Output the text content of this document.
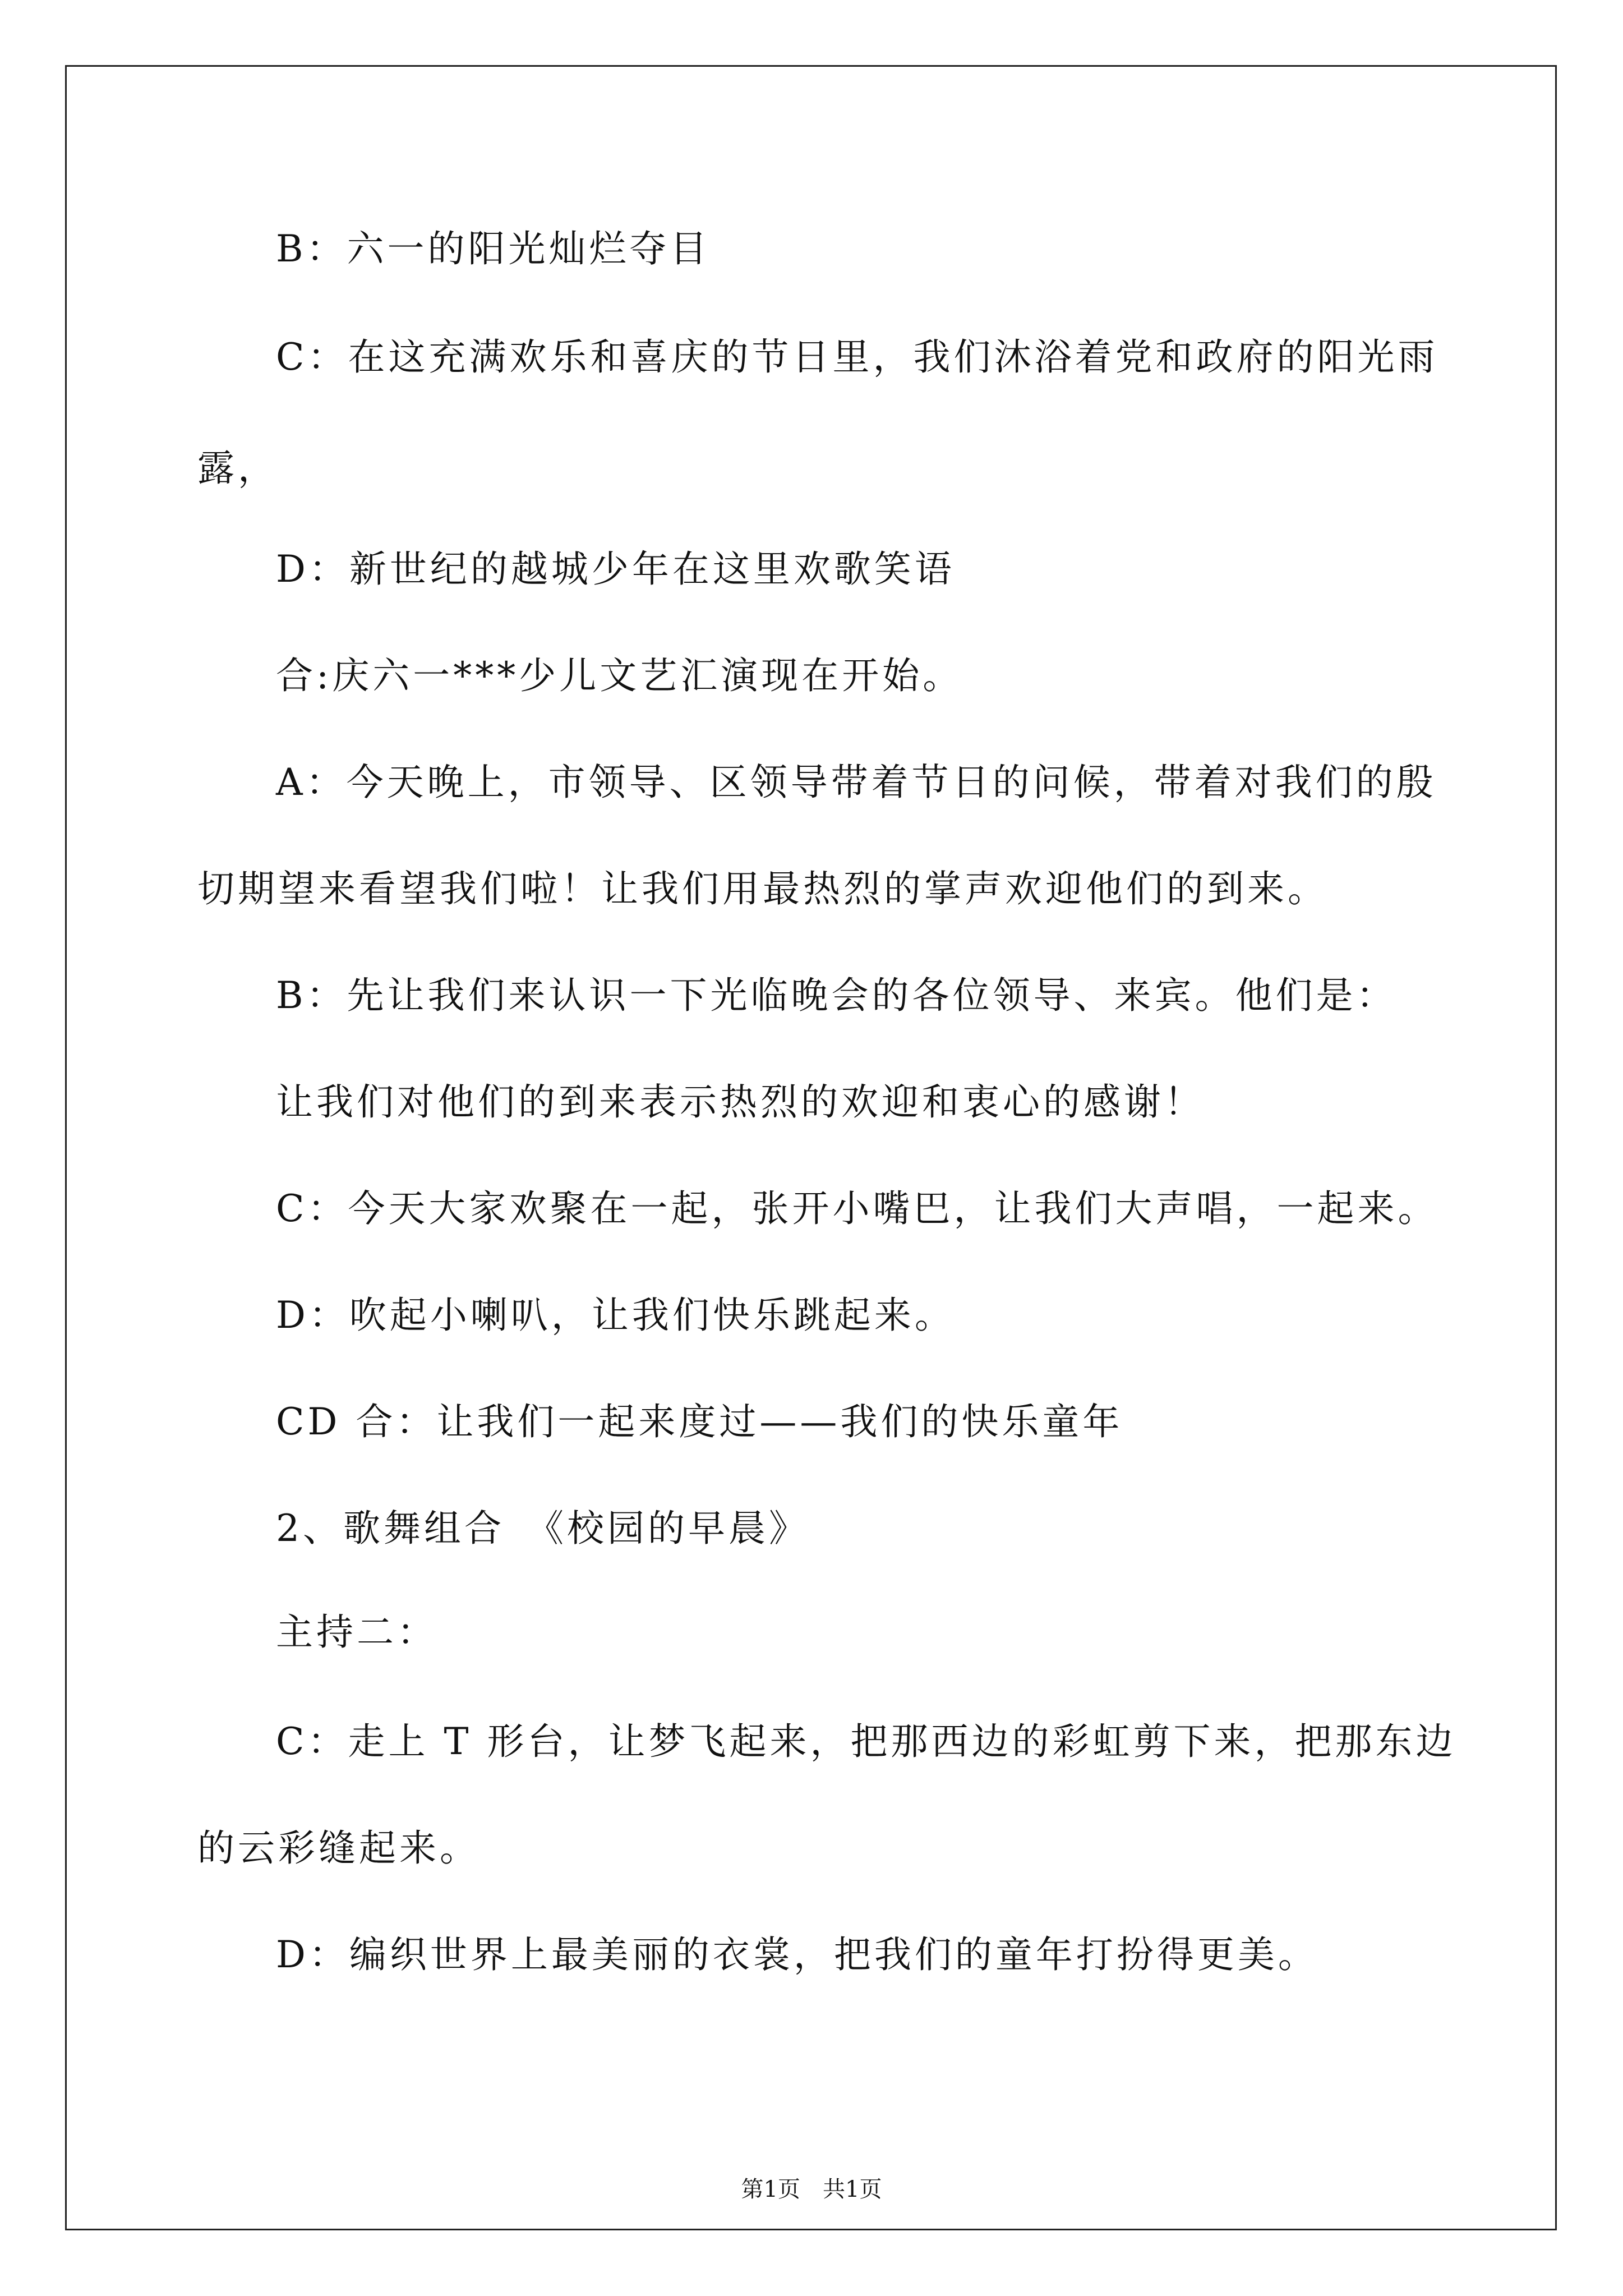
B：六一的阳光灿烂夺目
C：在这充满欢乐和喜庆的节日里，我们沐浴着党和政府的阳光雨
露，
D：新世纪的越城少年在这里欢歌笑语
合:庆六一***少儿文艺汇演现在开始。
A：今天晚上，市领导、区领导带着节日的问候，带着对我们的殷
切期望来看望我们啦！让我们用最热烈的掌声欢迎他们的到来。
B：先让我们来认识一下光临晚会的各位领导、来宾。他们是：
让我们对他们的到来表示热烈的欢迎和衷心的感谢！
C：今天大家欢聚在一起，张开小嘴巴，让我们大声唱，一起来。
D：吹起小喇叭，让我们快乐跳起来。
CD 合：让我们一起来度过——我们的快乐童年
2、歌舞组合　《校园的早晨》
主持二：
C：走上 T 形台，让梦飞起来，把那西边的彩虹剪下来，把那东边
的云彩缝起来。
D：编织世界上最美丽的衣裳，把我们的童年打扮得更美。
第1页　共1页
